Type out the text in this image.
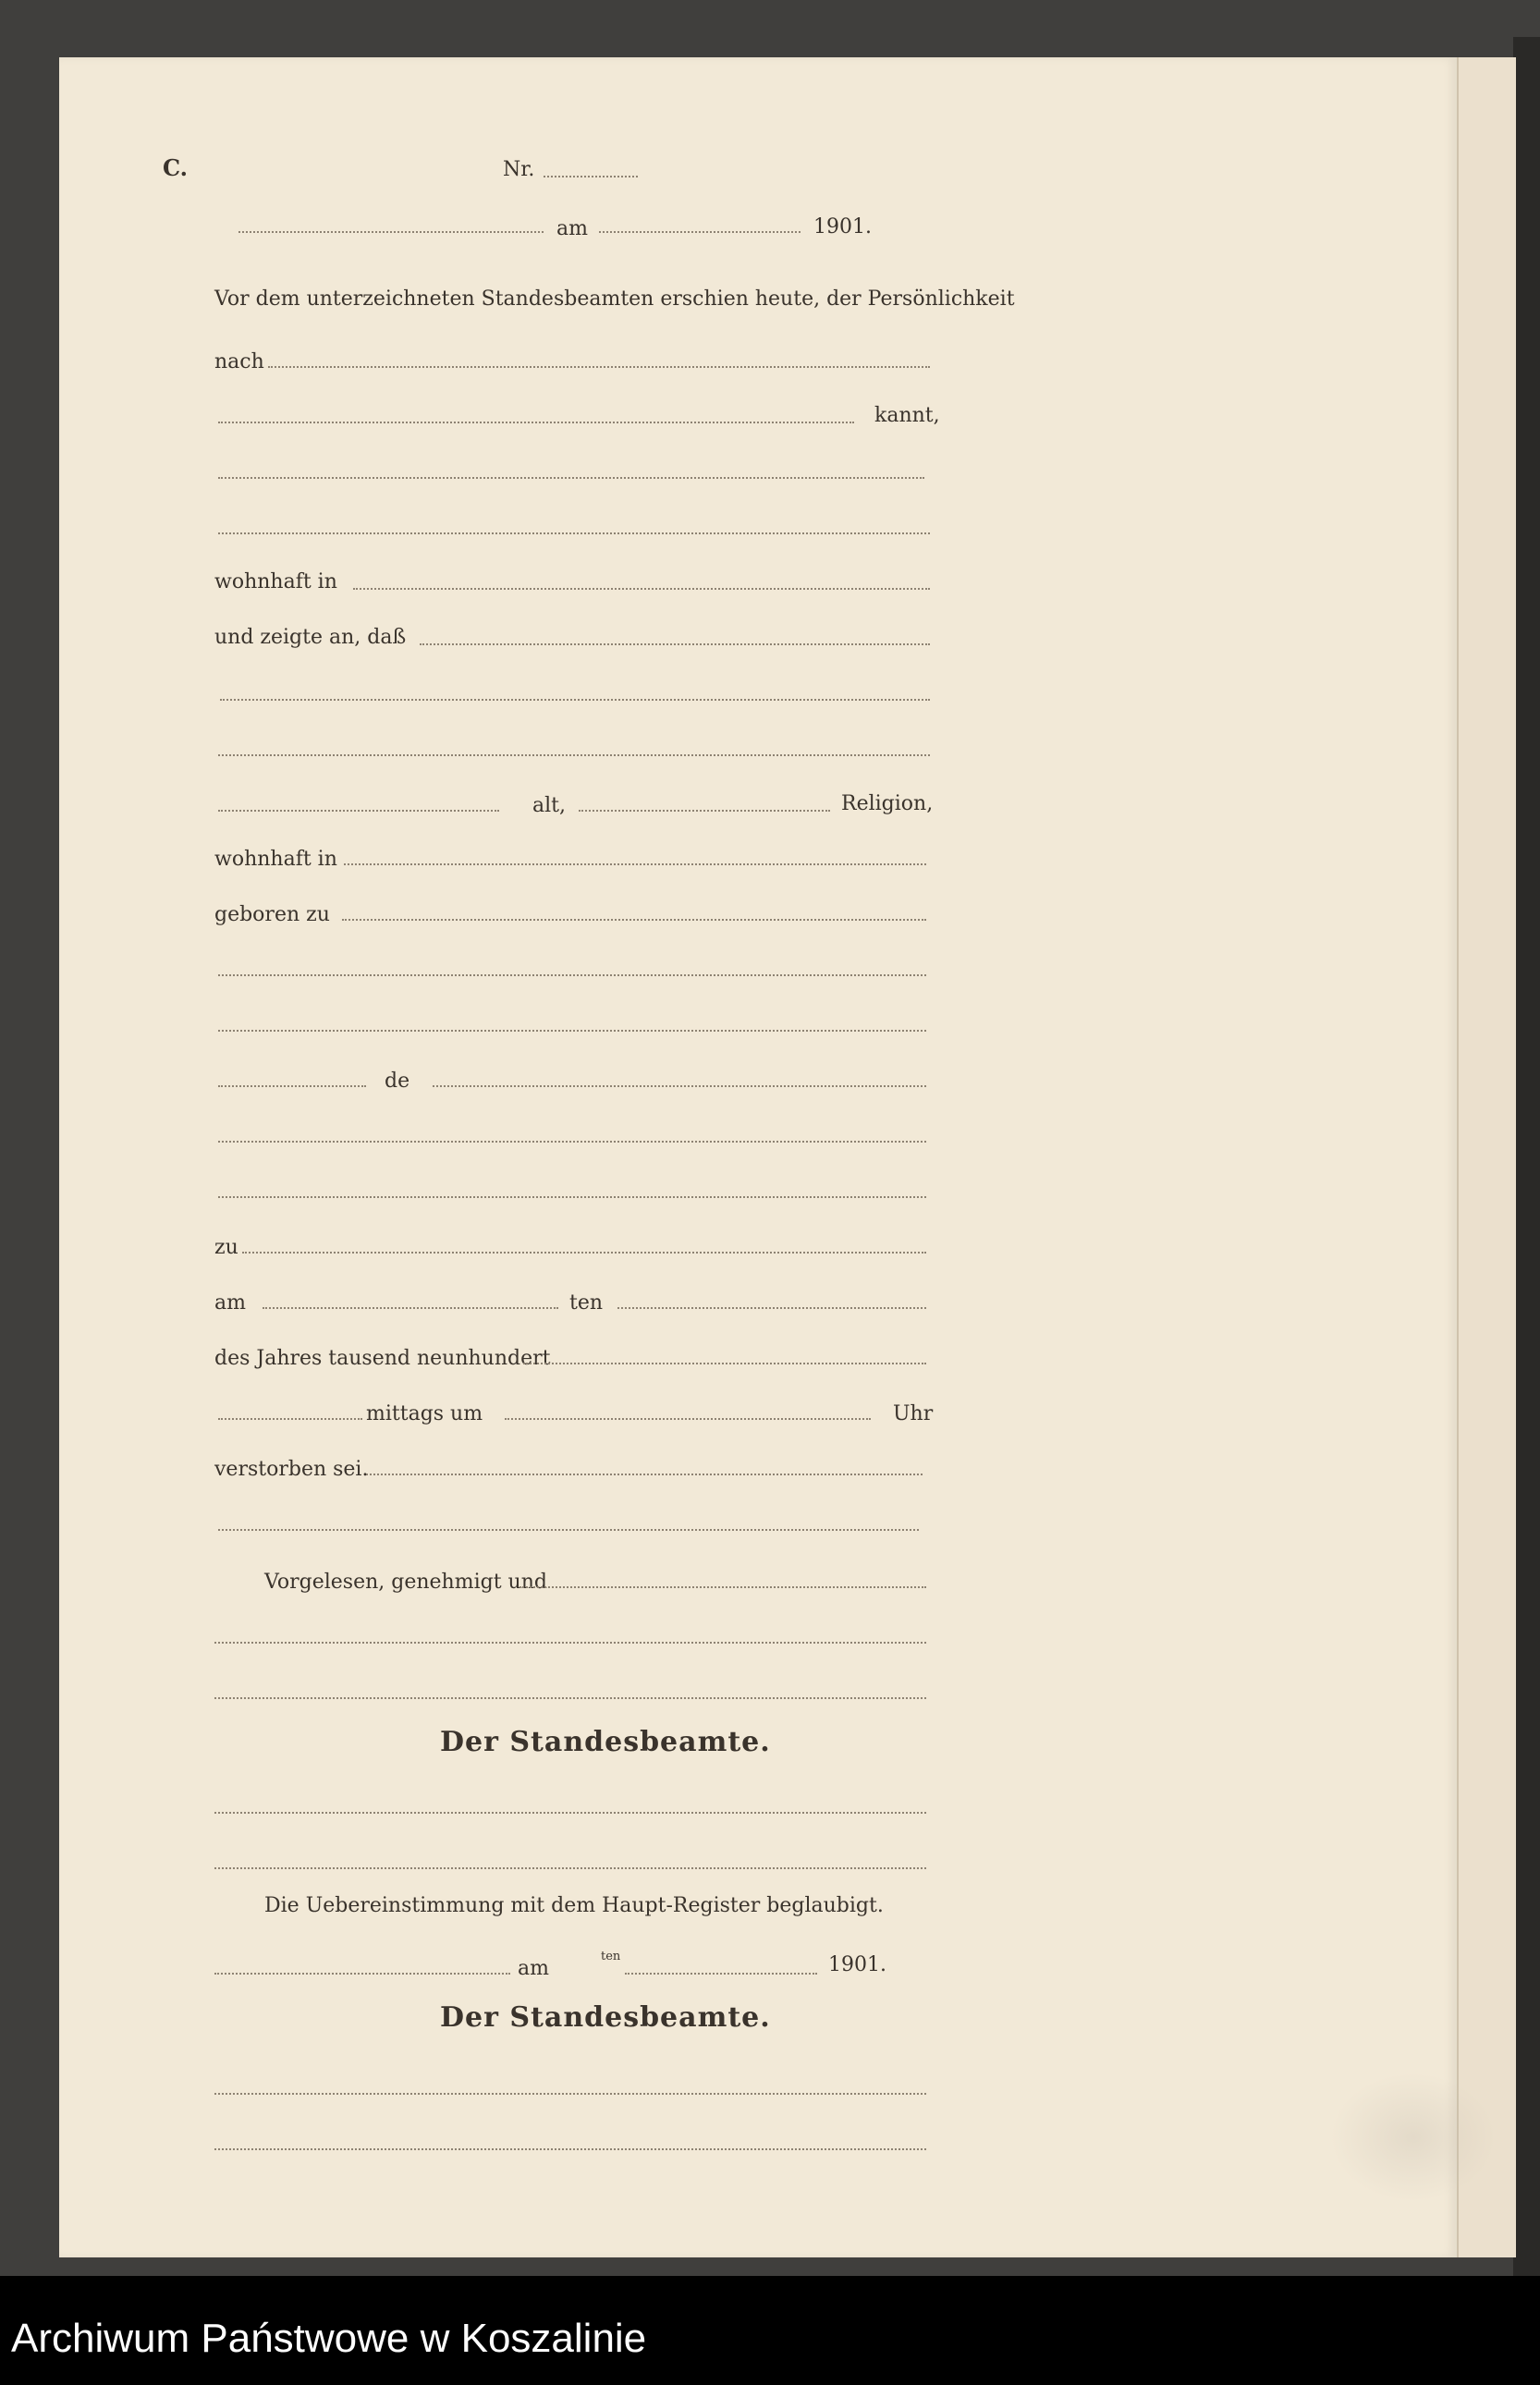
C.	Nr.
am	1901.
Vor dem unterzeichneten Standesbeamten erschien heute, der Persönlichkeit
nach
kannt,
wohnhaft in
und zeigte an, daß
alt,	Religion,
wohnhaft in
geboren zu
de
zu
am	ten
des Jahres tausend neunhundert
mittags um	Uhr
verstorben sei.
Vorgelesen, genehmigt und
Der Standesbeamte.
Die Uebereinstimmung mit dem Haupt-Register beglaubigt.
am
ten	1901.
Der Standesbeamte.
Archiwum Państwowe w Koszalinie
